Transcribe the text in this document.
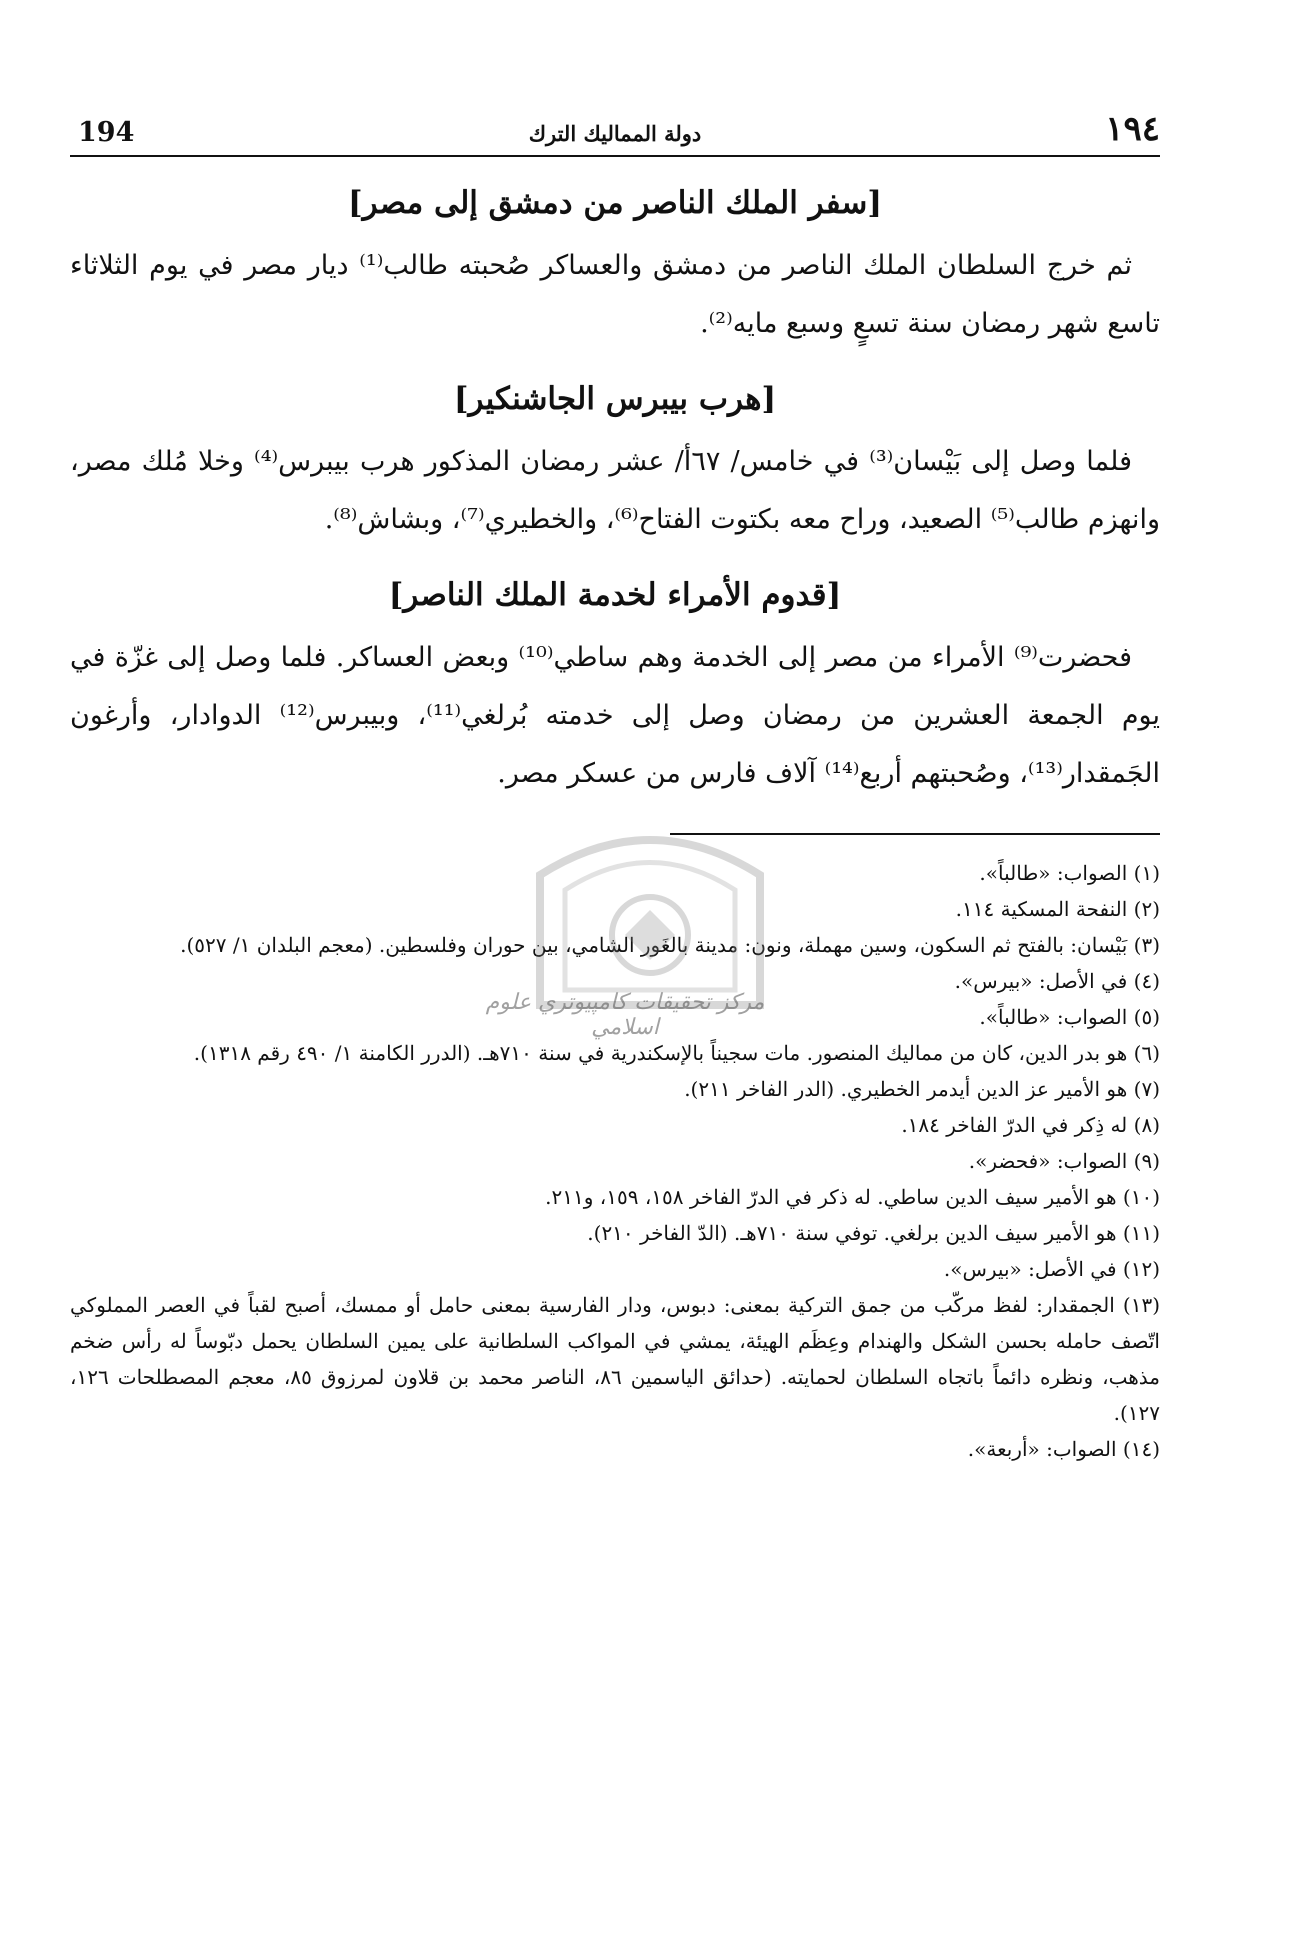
194	دولة المماليك الترك	١٩٤
[سفر الملك الناصر من دمشق إلى مصر]

ثم خرج السلطان الملك الناصر من دمشق والعساكر صُحبته طالب⁽¹⁾ ديار مصر في يوم الثلاثاء تاسع شهر رمضان سنة تسعٍ وسبع مايه⁽²⁾.

[هرب بيبرس الجاشنكير]

فلما وصل إلى بَيْسان⁽³⁾ في خامس/ ٦٧أ/ عشر رمضان المذكور هرب بيبرس⁽⁴⁾ وخلا مُلك مصر، وانهزم طالب⁽⁵⁾ الصعيد، وراح معه بكتوت الفتاح⁽⁶⁾، والخطيري⁽⁷⁾، وبشاش⁽⁸⁾.

[قدوم الأمراء لخدمة الملك الناصر]

فحضرت⁽⁹⁾ الأمراء من مصر إلى الخدمة وهم ساطي⁽¹⁰⁾ وبعض العساكر. فلما وصل إلى غزّة في يوم الجمعة العشرين من رمضان وصل إلى خدمته بُرلغي⁽¹¹⁾، وبيبرس⁽¹²⁾ الدوادار، وأرغون الجَمقدار⁽¹³⁾، وصُحبتهم أربع⁽¹⁴⁾ آلاف فارس من عسكر مصر.

(١) الصواب: «طالباً».

(٢) النفحة المسكية ١١٤.

(٣) بَيْسان: بالفتح ثم السكون، وسين مهملة، ونون: مدينة بالغَور الشامي، بين حوران وفلسطين. (معجم البلدان ١/ ٥٢٧).

(٤) في الأصل: «بيرس».

(٥) الصواب: «طالباً».

(٦) هو بدر الدين، كان من مماليك المنصور. مات سجيناً بالإسكندرية في سنة ٧١٠هـ. (الدرر الكامنة ١/ ٤٩٠ رقم ١٣١٨).

(٧) هو الأمير عز الدين أيدمر الخطيري. (الدر الفاخر ٢١١).

(٨) له ذِكر في الدرّ الفاخر ١٨٤.

(٩) الصواب: «فحضر».

(١٠) هو الأمير سيف الدين ساطي. له ذكر في الدرّ الفاخر ١٥٨، ١٥٩، و٢١١.

(١١) هو الأمير سيف الدين برلغي. توفي سنة ٧١٠هـ. (الدّ الفاخر ٢١٠).

(١٢) في الأصل: «بيرس».

(١٣) الجمقدار: لفظ مركّب من جمق التركية بمعنى: دبوس، ودار الفارسية بمعنى حامل أو ممسك، أصبح لقباً في العصر المملوكي اتّصف حامله بحسن الشكل والهندام وعِظَم الهيئة، يمشي في المواكب السلطانية على يمين السلطان يحمل دبّوساً له رأس ضخم مذهب، ونظره دائماً باتجاه السلطان لحمايته. (حدائق الياسمين ٨٦، الناصر محمد بن قلاون لمرزوق ٨٥، معجم المصطلحات ١٢٦، ١٢٧).

(١٤) الصواب: «أربعة».

مركز تحقيقات كامپيوتري علوم اسلامي
